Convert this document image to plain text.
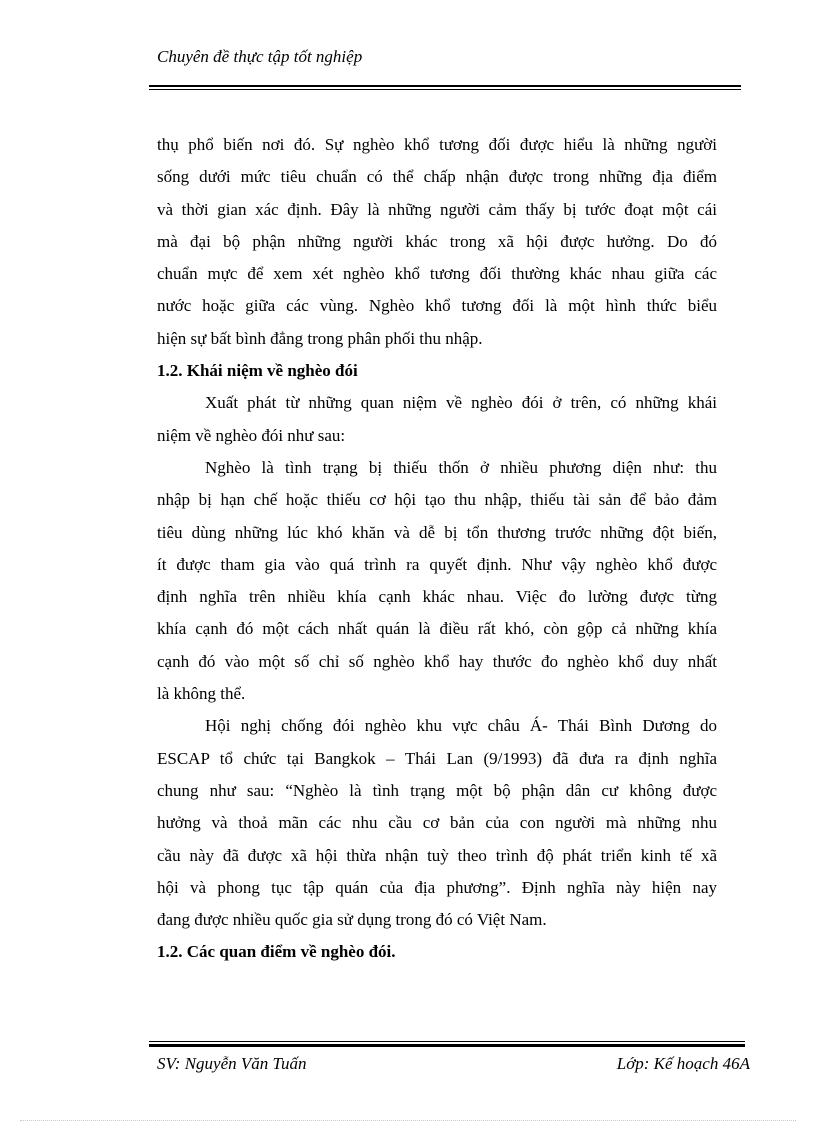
Chuyên đề thực tập tốt nghiệp
thụ phổ biến nơi đó. Sự nghèo khổ tương đối được hiểu là những người
sống dưới mức tiêu chuẩn có thể chấp nhận được trong những địa điểm
và thời gian xác định. Đây là những người cảm thấy bị tước đoạt một cái
mà đại bộ phận những người khác trong xã hội được hưởng. Do đó
chuẩn mực để xem xét nghèo khổ tương đối thường khác nhau giữa các
nước hoặc giữa các vùng. Nghèo khổ tương đối là một hình thức biểu
hiện sự bất bình đẳng trong phân phối thu nhập.
1.2. Khái niệm về nghèo đói
Xuất phát từ những quan niệm về nghèo đói ở trên, có những khái
niệm về nghèo đói như sau:
Nghèo là tình trạng bị thiếu thốn ở nhiều phương diện như: thu
nhập bị hạn chế hoặc thiếu cơ hội tạo thu nhập, thiếu tài sản để bảo đảm
tiêu dùng những lúc khó khăn và dễ bị tổn thương trước những đột biến,
ít được tham gia vào quá trình ra quyết định. Như vậy nghèo khổ được
định nghĩa trên nhiều khía cạnh khác nhau. Việc đo lường được từng
khía cạnh đó một cách nhất quán là điều rất khó, còn gộp cả những khía
cạnh đó vào một số chỉ số nghèo khổ hay thước đo nghèo khổ duy nhất
là không thể.
Hội nghị chống đói nghèo khu vực châu Á- Thái Bình Dương do
ESCAP tổ chức tại Bangkok – Thái Lan (9/1993) đã đưa ra định nghĩa
chung như sau: “Nghèo là tình trạng một bộ phận dân cư không được
hưởng và thoả mãn các nhu cầu cơ bản của con người mà những nhu
cầu này đã được xã hội thừa nhận tuỳ theo trình độ phát triển kinh tế xã
hội và phong tục tập quán của địa phương”. Định nghĩa này hiện nay
đang được nhiều quốc gia sử dụng trong đó có Việt Nam.
1.2. Các quan điểm về nghèo đói.
SV: Nguyễn Văn Tuấn	Lớp: Kế hoạch 46A
